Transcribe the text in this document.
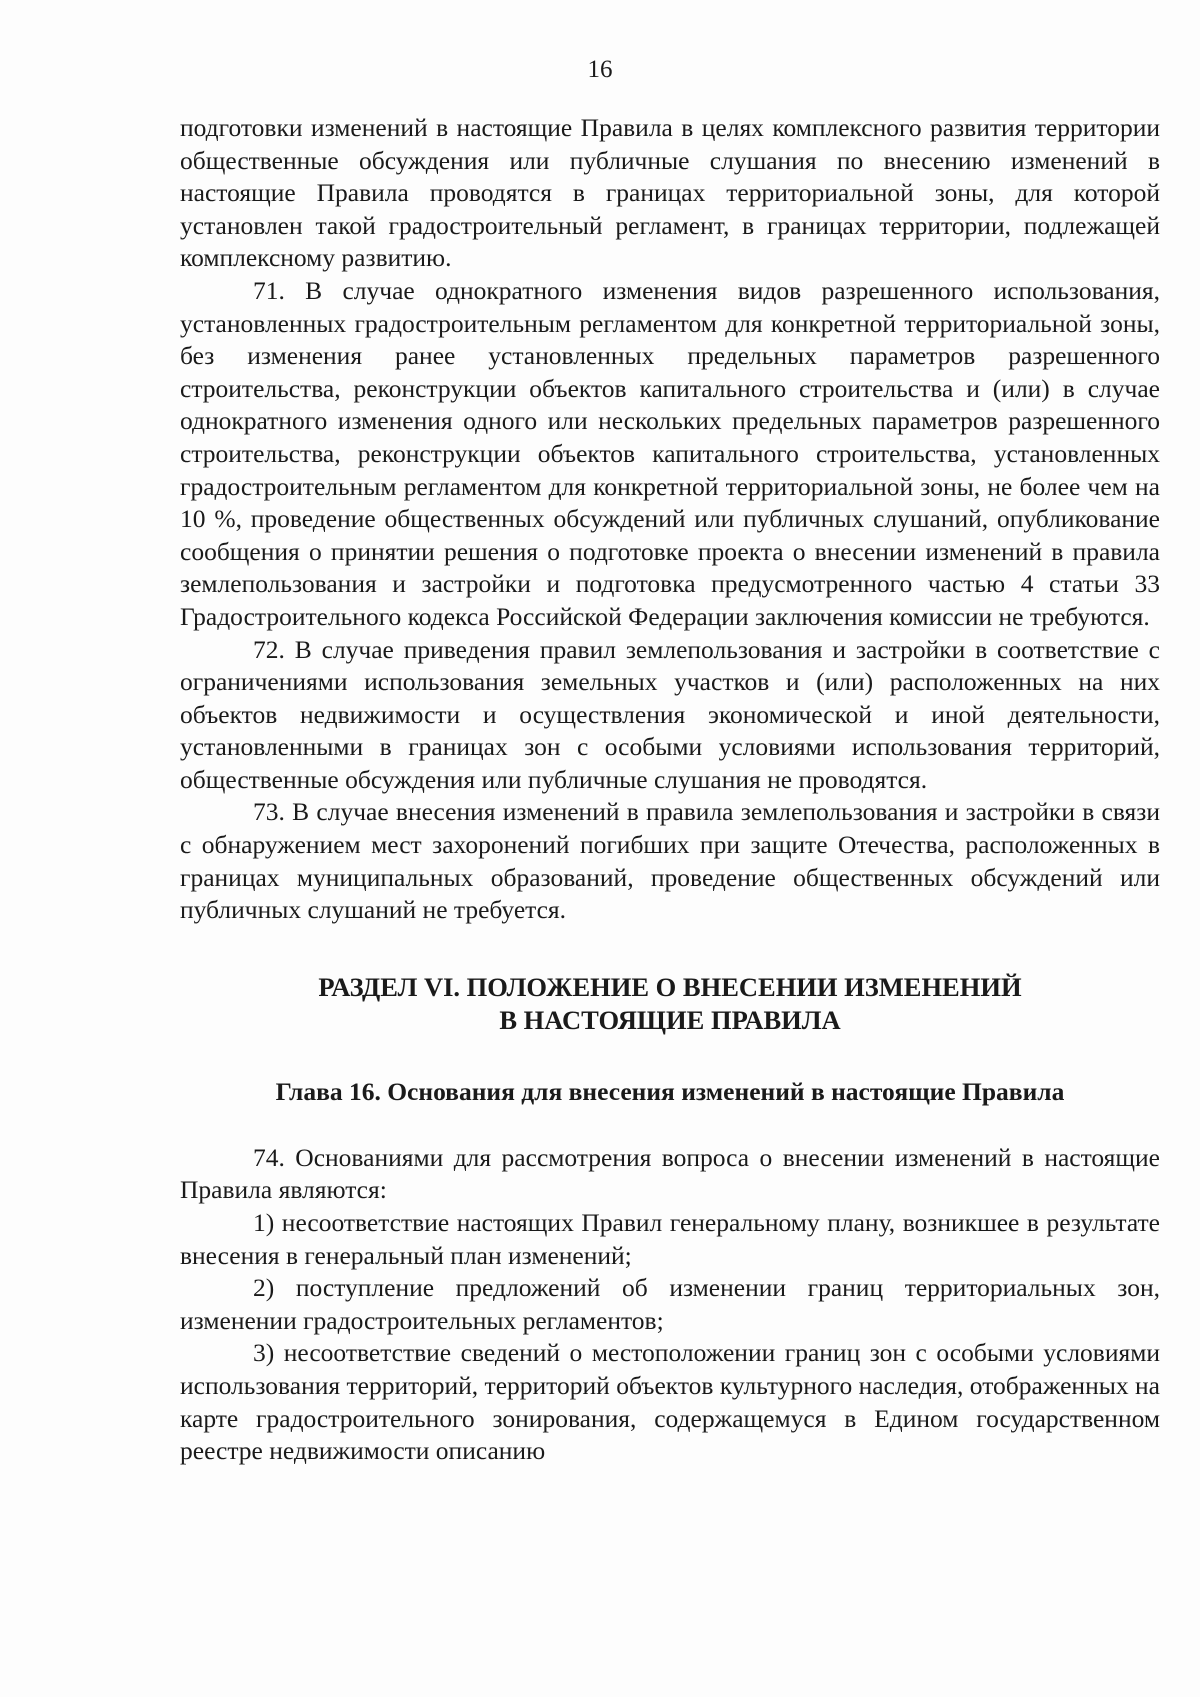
16

подготовки изменений в настоящие Правила в целях комплексного развития территории общественные обсуждения или публичные слушания по внесению изменений в настоящие Правила проводятся в границах территориальной зоны, для которой установлен такой градостроительный регламент, в границах территории, подлежащей комплексному развитию.

71. В случае однократного изменения видов разрешенного использования, установленных градостроительным регламентом для конкретной территориальной зоны, без изменения ранее установленных предельных параметров разрешенного строительства, реконструкции объектов капитального строительства и (или) в случае однократного изменения одного или нескольких предельных параметров разрешенного строительства, реконструкции объектов капитального строительства, установленных градостроительным регламентом для конкретной территориальной зоны, не более чем на 10 %, проведение общественных обсуждений или публичных слушаний, опубликование сообщения о принятии решения о подготовке проекта о внесении изменений в правила землепользования и застройки и подготовка предусмотренного частью 4 статьи 33 Градостроительного кодекса Российской Федерации заключения комиссии не требуются.

72. В случае приведения правил землепользования и застройки в соответствие с ограничениями использования земельных участков и (или) расположенных на них объектов недвижимости и осуществления экономической и иной деятельности, установленными в границах зон с особыми условиями использования территорий, общественные обсуждения или публичные слушания не проводятся.

73. В случае внесения изменений в правила землепользования и застройки в связи с обнаружением мест захоронений погибших при защите Отечества, расположенных в границах муниципальных образований, проведение общественных обсуждений или публичных слушаний не требуется.

РАЗДЕЛ VI. ПОЛОЖЕНИЕ О ВНЕСЕНИИ ИЗМЕНЕНИЙ
В НАСТОЯЩИЕ ПРАВИЛА
Глава 16. Основания для внесения изменений в настоящие Правила

74. Основаниями для рассмотрения вопроса о внесении изменений в настоящие Правила являются:

1) несоответствие настоящих Правил генеральному плану, возникшее в результате внесения в генеральный план изменений;

2) поступление предложений об изменении границ территориальных зон, изменении градостроительных регламентов;

3) несоответствие сведений о местоположении границ зон с особыми условиями использования территорий, территорий объектов культурного наследия, отображенных на карте градостроительного зонирования, содержащемуся в Едином государственном реестре недвижимости описанию
